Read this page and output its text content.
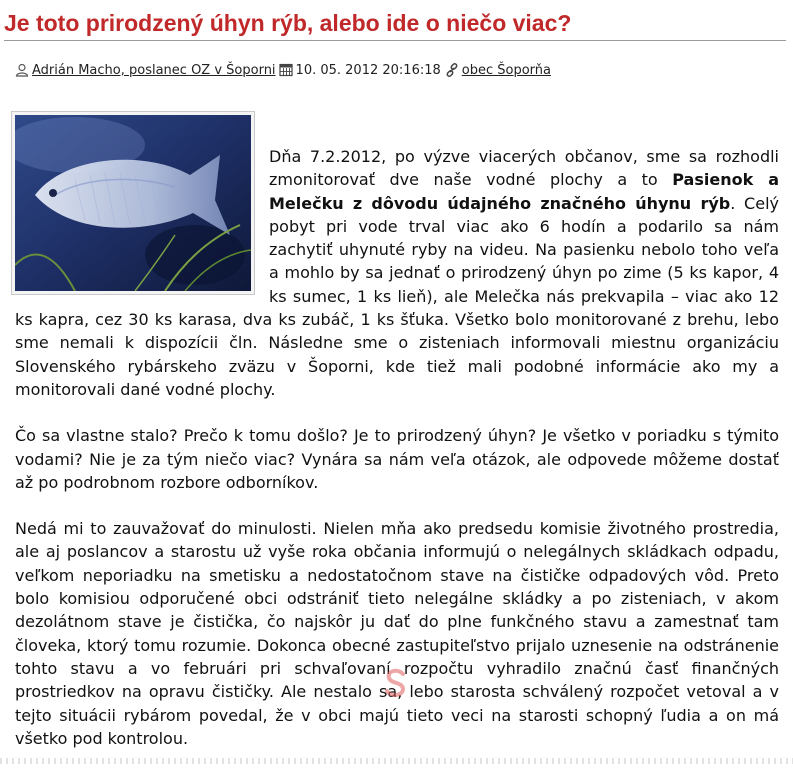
Je toto prirodzený úhyn rýb, alebo ide o niečo viac?
Adrián Macho, poslanec OZ v Šoporni 10. 05. 2012 20:16:18 obec Šoporňa

Dňa 7.2.2012, po výzve viacerých občanov, sme sa rozhodli zmonitorovať dve naše vodné plochy a to Pasienok a Melečku z dôvodu údajného značného úhynu rýb. Celý pobyt pri vode trval viac ako 6 hodín a podarilo sa nám zachytiť uhynuté ryby na videu. Na pasienku nebolo toho veľa a mohlo by sa jednať o prirodzený úhyn po zime (5 ks kapor, 4 ks sumec, 1 ks lieň), ale Melečka nás prekvapila – viac ako 12 ks kapra, cez 30 ks karasa, dva ks zubáč, 1 ks šťuka. Všetko bolo monitorované z brehu, lebo sme nemali k dispozícii čln. Následne sme o zisteniach informovali miestnu organizáciu Slovenského rybárskeho zväzu v Šoporni, kde tiež mali podobné informácie ako my a monitorovali dané vodné plochy.

Čo sa vlastne stalo? Prečo k tomu došlo? Je to prirodzený úhyn? Je všetko v poriadku s týmito vodami? Nie je za tým niečo viac? Vynára sa nám veľa otázok, ale odpovede môžeme dostať až po podrobnom rozbore odborníkov.

Nedá mi to zauvažovať do minulosti. Nielen mňa ako predsedu komisie životného prostredia, ale aj poslancov a starostu už vyše roka občania informujú o nelegálnych skládkach odpadu, veľkom neporiadku na smetisku a nedostatočnom stave na čističke odpadových vôd. Preto bolo komisiou odporučené obci odstrániť tieto nelegálne skládky a po zisteniach, v akom dezolátnom stave je čistička, čo najskôr ju dať do plne funkčného stavu a zamestnať tam človeka, ktorý tomu rozumie. Dokonca obecné zastupiteľstvo prijalo uznesenie na odstránenie tohto stavu a vo februári pri schvaľovaní rozpočtu vyhradilo značnú časť finančných prostriedkov na opravu čističky. Ale nestalo sa, lebo starosta schválený rozpočet vetoval a v tejto situácii rybárom povedal, že v obci majú tieto veci na starosti schopný ľudia a on má všetko pod kontrolou.
